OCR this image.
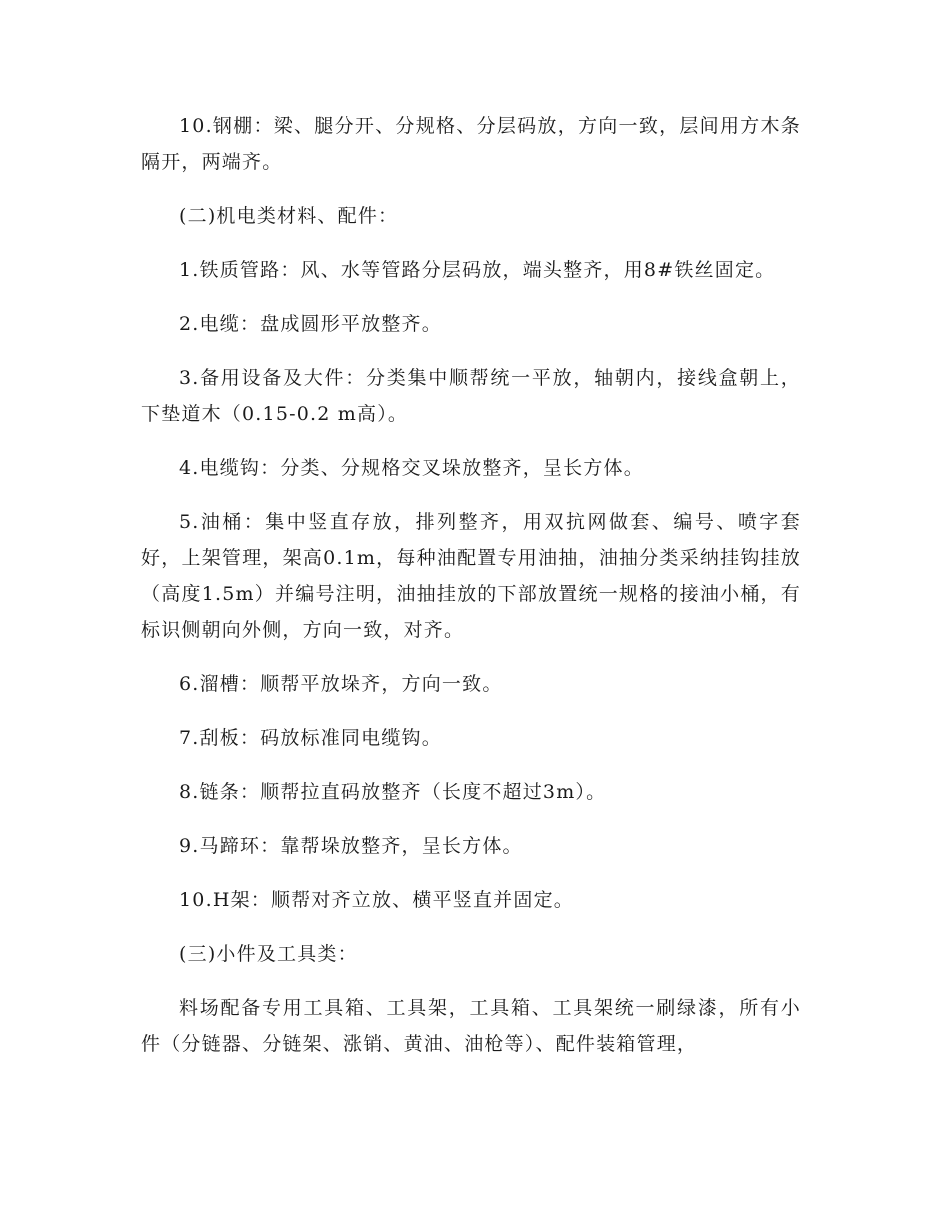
10.钢棚：梁、腿分开、分规格、分层码放，方向一致，层间用方木条隔开，两端齐。

(二)机电类材料、配件：

1.铁质管路：风、水等管路分层码放，端头整齐，用8#铁丝固定。

2.电缆：盘成圆形平放整齐。

3.备用设备及大件：分类集中顺帮统一平放，轴朝内，接线盒朝上，下垫道木（0.15-0.2 m高）。

4.电缆钩：分类、分规格交叉垛放整齐，呈长方体。

5.油桶：集中竖直存放，排列整齐，用双抗网做套、编号、喷字套好，上架管理，架高0.1m，每种油配置专用油抽，油抽分类采纳挂钩挂放（高度1.5m）并编号注明，油抽挂放的下部放置统一规格的接油小桶，有标识侧朝向外侧，方向一致，对齐。

6.溜槽：顺帮平放垛齐，方向一致。

7.刮板：码放标准同电缆钩。

8.链条：顺帮拉直码放整齐（长度不超过3m）。

9.马蹄环：靠帮垛放整齐，呈长方体。

10.H架：顺帮对齐立放、横平竖直并固定。

(三)小件及工具类：

料场配备专用工具箱、工具架，工具箱、工具架统一刷绿漆，所有小件（分链器、分链架、涨销、黄油、油枪等）、配件装箱管理，
